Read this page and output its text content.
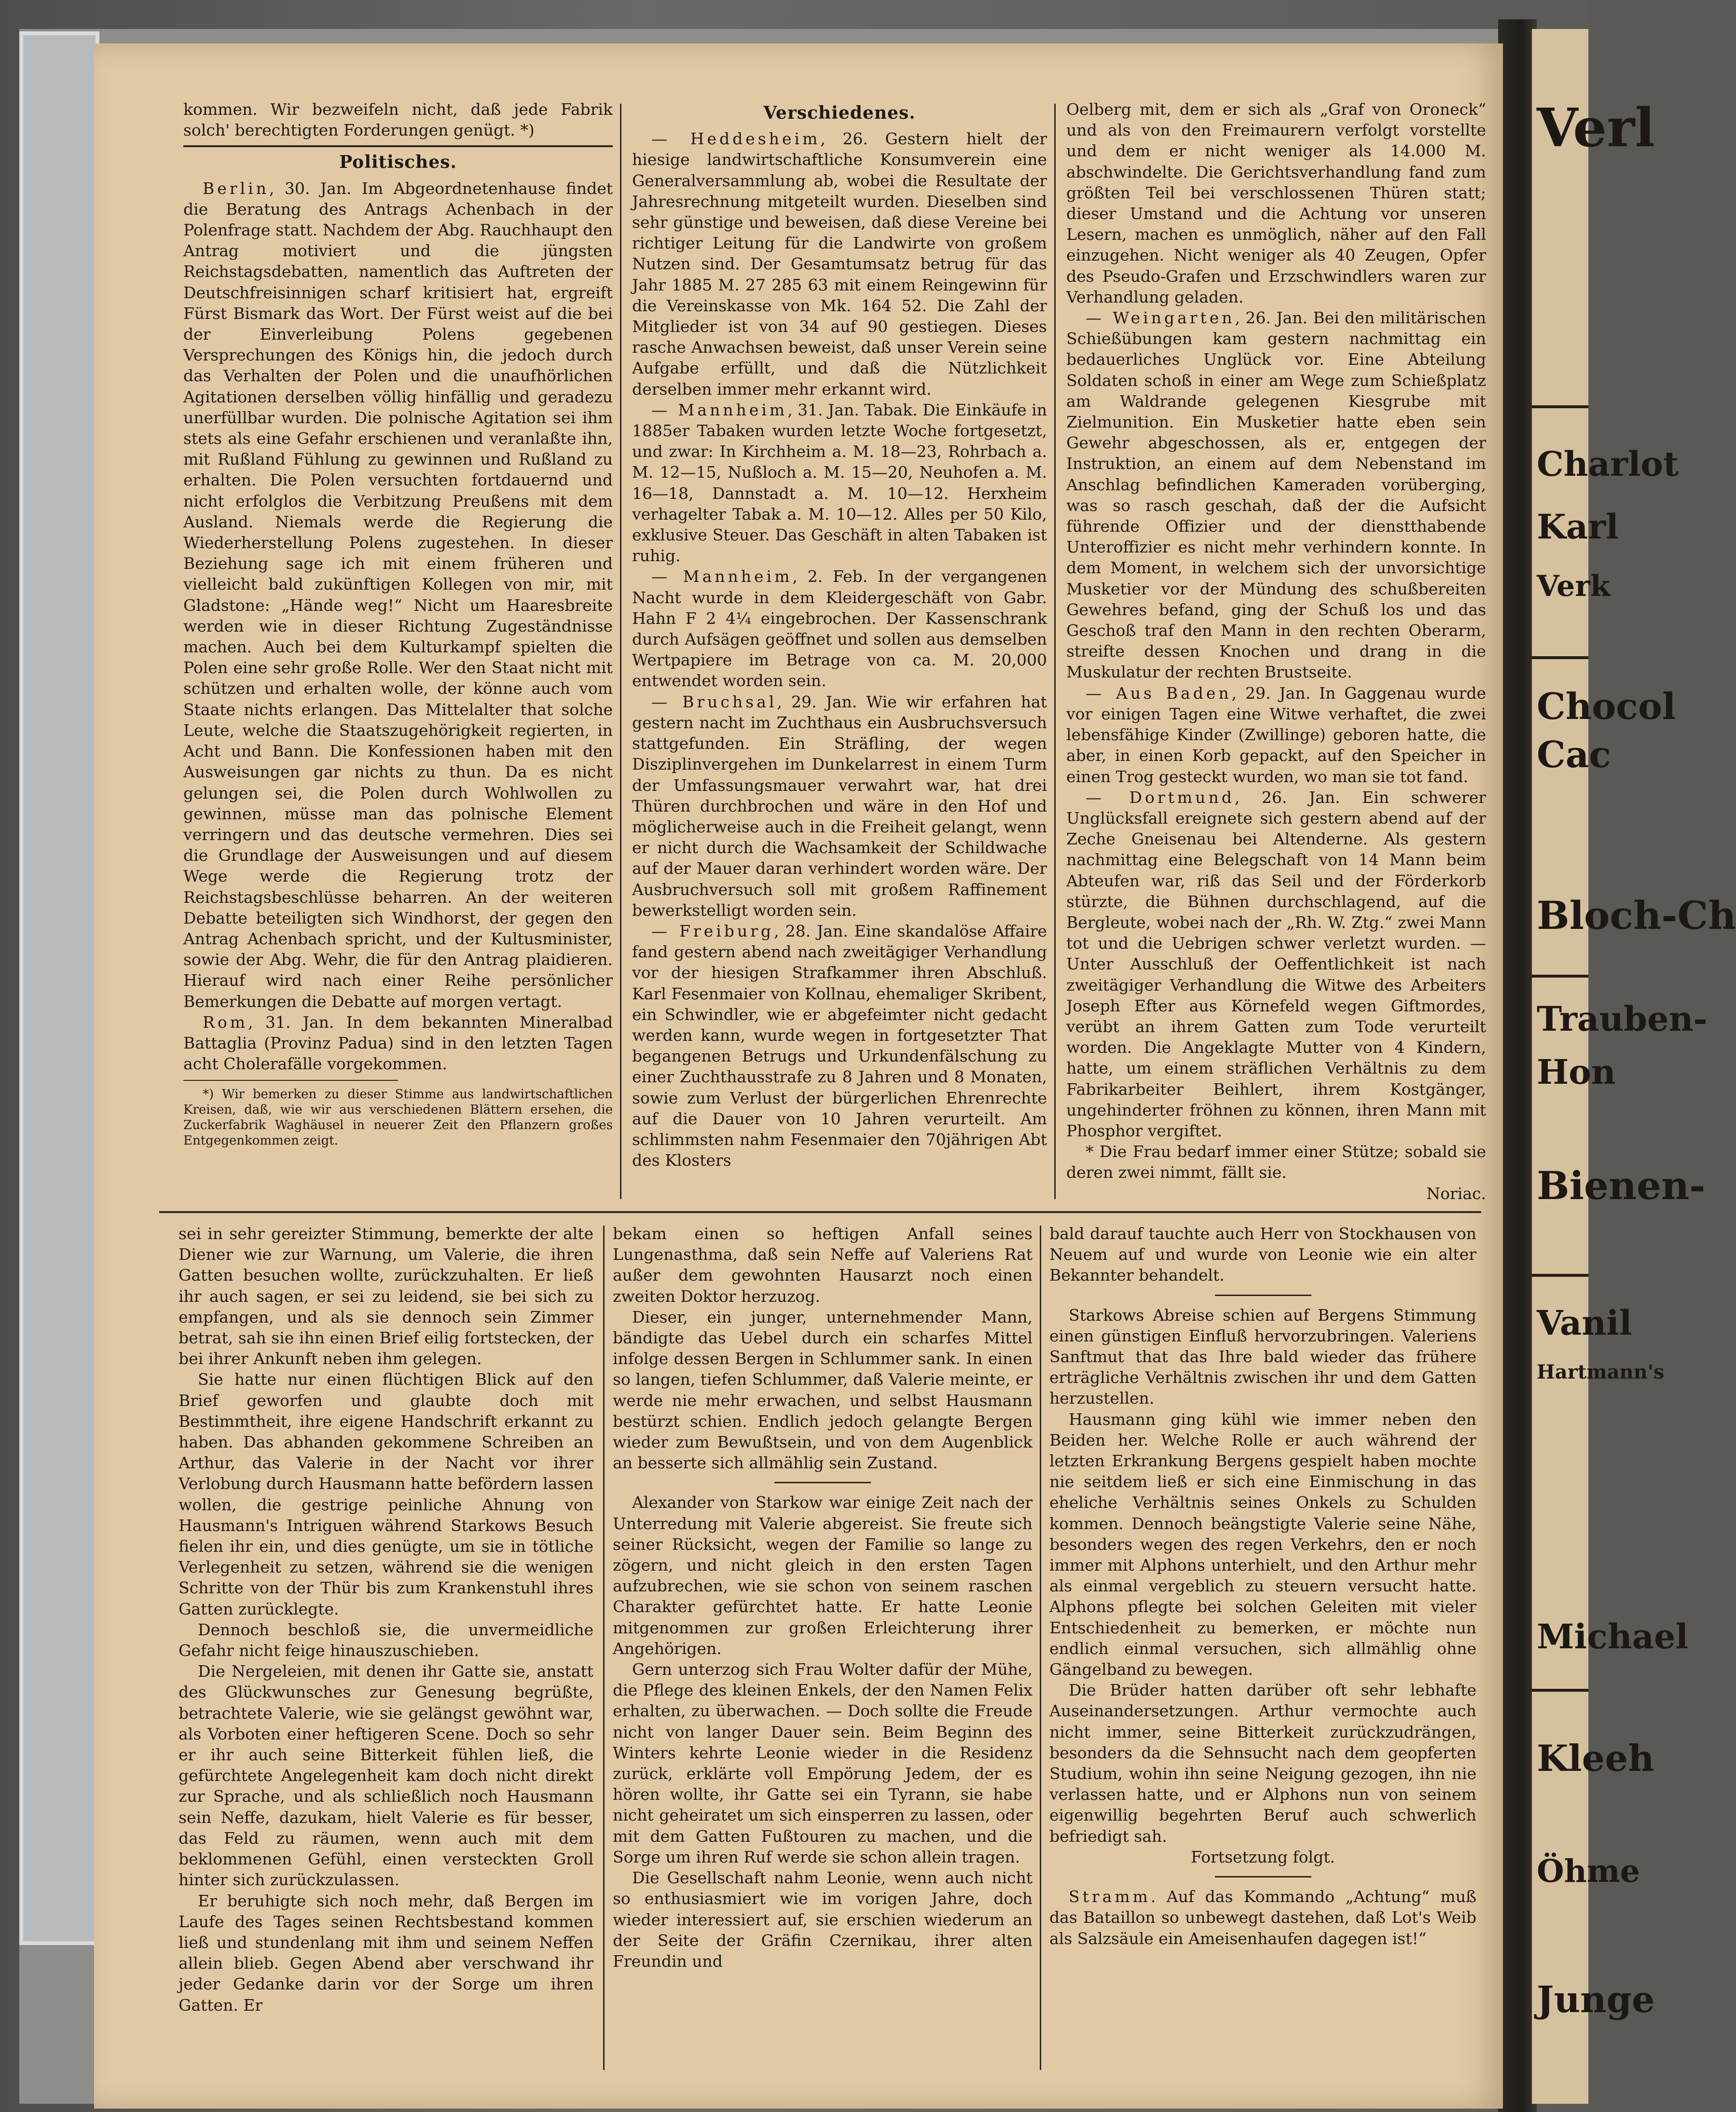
Verl
Charlot
Karl
Verk
Chocol
Cac
Bloch-Ch
Trauben-
Hon
Bienen-
Vanil
Hartmann's
Michael
Kleeh
Öhme
Junge

kommen. Wir bezweifeln nicht, daß jede Fabrik solch' berechtigten Forderungen genügt. *)

Politisches.

Berlin, 30. Jan. Im Abgeordnetenhause findet die Beratung des Antrags Achenbach in der Polenfrage statt. Nachdem der Abg. Rauchhaupt den Antrag motiviert und die jüngsten Reichstagsdebatten, namentlich das Auftreten der Deutschfreisinnigen scharf kritisiert hat, ergreift Fürst Bismark das Wort. Der Fürst weist auf die bei der Einverleibung Polens gegebenen Versprechungen des Königs hin, die jedoch durch das Verhalten der Polen und die unaufhörlichen Agitationen derselben völlig hinfällig und geradezu unerfüllbar wurden. Die polnische Agitation sei ihm stets als eine Gefahr erschienen und veranlaßte ihn, mit Rußland Fühlung zu gewinnen und Rußland zu erhalten. Die Polen versuchten fortdauernd und nicht erfolglos die Verbitzung Preußens mit dem Ausland. Niemals werde die Regierung die Wiederherstellung Polens zugestehen. In dieser Beziehung sage ich mit einem früheren und vielleicht bald zukünftigen Kollegen von mir, mit Gladstone: „Hände weg!“ Nicht um Haaresbreite werden wie in dieser Richtung Zugeständnisse machen. Auch bei dem Kulturkampf spielten die Polen eine sehr große Rolle. Wer den Staat nicht mit schützen und erhalten wolle, der könne auch vom Staate nichts erlangen. Das Mittelalter that solche Leute, welche die Staatszugehörigkeit regierten, in Acht und Bann. Die Konfessionen haben mit den Ausweisungen gar nichts zu thun. Da es nicht gelungen sei, die Polen durch Wohlwollen zu gewinnen, müsse man das polnische Element verringern und das deutsche vermehren. Dies sei die Grundlage der Ausweisungen und auf diesem Wege werde die Regierung trotz der Reichstagsbeschlüsse beharren. An der weiteren Debatte beteiligten sich Windhorst, der gegen den Antrag Achenbach spricht, und der Kultusminister, sowie der Abg. Wehr, die für den Antrag plaidieren. Hierauf wird nach einer Reihe persönlicher Bemerkungen die Debatte auf morgen vertagt.

Rom, 31. Jan. In dem bekannten Mineralbad Battaglia (Provinz Padua) sind in den letzten Tagen acht Cholerafälle vorgekommen.

*) Wir bemerken zu dieser Stimme aus landwirtschaftlichen Kreisen, daß, wie wir aus verschiedenen Blättern ersehen, die Zuckerfabrik Waghäusel in neuerer Zeit den Pflanzern großes Entgegenkommen zeigt.

Verschiedenes.

— Heddesheim, 26. Gestern hielt der hiesige landwirtschaftliche Konsumverein eine Generalversammlung ab, wobei die Resultate der Jahresrechnung mitgeteilt wurden. Dieselben sind sehr günstige und beweisen, daß diese Vereine bei richtiger Leitung für die Landwirte von großem Nutzen sind. Der Gesamtumsatz betrug für das Jahr 1885 M. 27 285 63 mit einem Reingewinn für die Vereinskasse von Mk. 164 52. Die Zahl der Mitglieder ist von 34 auf 90 gestiegen. Dieses rasche Anwachsen beweist, daß unser Verein seine Aufgabe erfüllt, und daß die Nützlichkeit derselben immer mehr erkannt wird.

— Mannheim, 31. Jan. Tabak. Die Einkäufe in 1885er Tabaken wurden letzte Woche fortgesetzt, und zwar: In Kirchheim a. M. 18—23, Rohrbach a. M. 12—15, Nußloch a. M. 15—20, Neuhofen a. M. 16—18, Dannstadt a. M. 10—12. Herxheim verhagelter Tabak a. M. 10—12. Alles per 50 Kilo, exklusive Steuer. Das Geschäft in alten Tabaken ist ruhig.

— Mannheim, 2. Feb. In der vergangenen Nacht wurde in dem Kleidergeschäft von Gabr. Hahn F 2 4¼ eingebrochen. Der Kassenschrank durch Aufsägen geöffnet und sollen aus demselben Wertpapiere im Betrage von ca. M. 20,000 entwendet worden sein.

— Bruchsal, 29. Jan. Wie wir erfahren hat gestern nacht im Zuchthaus ein Ausbruchsversuch stattgefunden. Ein Sträfling, der wegen Disziplinvergehen im Dunkelarrest in einem Turm der Umfassungsmauer verwahrt war, hat drei Thüren durchbrochen und wäre in den Hof und möglicherweise auch in die Freiheit gelangt, wenn er nicht durch die Wachsamkeit der Schildwache auf der Mauer daran verhindert worden wäre. Der Ausbruchversuch soll mit großem Raffinement bewerkstelligt worden sein.

— Freiburg, 28. Jan. Eine skandalöse Affaire fand gestern abend nach zweitägiger Verhandlung vor der hiesigen Strafkammer ihren Abschluß. Karl Fesenmaier von Kollnau, ehemaliger Skribent, ein Schwindler, wie er abgefeimter nicht gedacht werden kann, wurde wegen in fortgesetzter That begangenen Betrugs und Urkundenfälschung zu einer Zuchthausstrafe zu 8 Jahren und 8 Monaten, sowie zum Verlust der bürgerlichen Ehrenrechte auf die Dauer von 10 Jahren verurteilt. Am schlimmsten nahm Fesenmaier den 70jährigen Abt des Klosters

Oelberg mit, dem er sich als „Graf von Oroneck“ und als von den Freimaurern verfolgt vorstellte und dem er nicht weniger als 14.000 M. abschwindelte. Die Gerichtsverhandlung fand zum größten Teil bei verschlossenen Thüren statt; dieser Umstand und die Achtung vor unseren Lesern, machen es unmöglich, näher auf den Fall einzugehen. Nicht weniger als 40 Zeugen, Opfer des Pseudo-Grafen und Erzschwindlers waren zur Verhandlung geladen.

— Weingarten, 26. Jan. Bei den militärischen Schießübungen kam gestern nachmittag ein bedauerliches Unglück vor. Eine Abteilung Soldaten schoß in einer am Wege zum Schießplatz am Waldrande gelegenen Kiesgrube mit Zielmunition. Ein Musketier hatte eben sein Gewehr abgeschossen, als er, entgegen der Instruktion, an einem auf dem Nebenstand im Anschlag befindlichen Kameraden vorüberging, was so rasch geschah, daß der die Aufsicht führende Offizier und der dienstthabende Unteroffizier es nicht mehr verhindern konnte. In dem Moment, in welchem sich der unvorsichtige Musketier vor der Mündung des schußbereiten Gewehres befand, ging der Schuß los und das Geschoß traf den Mann in den rechten Oberarm, streifte dessen Knochen und drang in die Muskulatur der rechten Brustseite.

— Aus Baden, 29. Jan. In Gaggenau wurde vor einigen Tagen eine Witwe verhaftet, die zwei lebensfähige Kinder (Zwillinge) geboren hatte, die aber, in einen Korb gepackt, auf den Speicher in einen Trog gesteckt wurden, wo man sie tot fand.

— Dortmund, 26. Jan. Ein schwerer Unglücksfall ereignete sich gestern abend auf der Zeche Gneisenau bei Altenderne. Als gestern nachmittag eine Belegschaft von 14 Mann beim Abteufen war, riß das Seil und der Förderkorb stürzte, die Bühnen durchschlagend, auf die Bergleute, wobei nach der „Rh. W. Ztg.“ zwei Mann tot und die Uebrigen schwer verletzt wurden. — Unter Ausschluß der Oeffentlichkeit ist nach zweitägiger Verhandlung die Witwe des Arbeiters Joseph Efter aus Körnefeld wegen Giftmordes, verübt an ihrem Gatten zum Tode verurteilt worden. Die Angeklagte Mutter von 4 Kindern, hatte, um einem sträflichen Verhältnis zu dem Fabrikarbeiter Beihlert, ihrem Kostgänger, ungehinderter fröhnen zu können, ihren Mann mit Phosphor vergiftet.

* Die Frau bedarf immer einer Stütze; sobald sie deren zwei nimmt, fällt sie.

Noriac.

sei in sehr gereizter Stimmung, bemerkte der alte Diener wie zur Warnung, um Valerie, die ihren Gatten besuchen wollte, zurückzuhalten. Er ließ ihr auch sagen, er sei zu leidend, sie bei sich zu empfangen, und als sie dennoch sein Zimmer betrat, sah sie ihn einen Brief eilig fortstecken, der bei ihrer Ankunft neben ihm gelegen.

Sie hatte nur einen flüchtigen Blick auf den Brief geworfen und glaubte doch mit Bestimmtheit, ihre eigene Handschrift erkannt zu haben. Das abhanden gekommene Schreiben an Arthur, das Valerie in der Nacht vor ihrer Verlobung durch Hausmann hatte befördern lassen wollen, die gestrige peinliche Ahnung von Hausmann's Intriguen während Starkows Besuch fielen ihr ein, und dies genügte, um sie in tötliche Verlegenheit zu setzen, während sie die wenigen Schritte von der Thür bis zum Krankenstuhl ihres Gatten zurücklegte.

Dennoch beschloß sie, die unvermeidliche Gefahr nicht feige hinauszuschieben.

Die Nergeleien, mit denen ihr Gatte sie, anstatt des Glückwunsches zur Genesung begrüßte, betrachtete Valerie, wie sie gelängst gewöhnt war, als Vorboten einer heftigeren Scene. Doch so sehr er ihr auch seine Bitterkeit fühlen ließ, die gefürchtete Angelegenheit kam doch nicht direkt zur Sprache, und als schließlich noch Hausmann sein Neffe, dazukam, hielt Valerie es für besser, das Feld zu räumen, wenn auch mit dem beklommenen Gefühl, einen versteckten Groll hinter sich zurückzulassen.

Er beruhigte sich noch mehr, daß Bergen im Laufe des Tages seinen Rechtsbestand kommen ließ und stundenlang mit ihm und seinem Neffen allein blieb. Gegen Abend aber verschwand ihr jeder Gedanke darin vor der Sorge um ihren Gatten. Er

bekam einen so heftigen Anfall seines Lungenasthma, daß sein Neffe auf Valeriens Rat außer dem gewohnten Hausarzt noch einen zweiten Doktor herzuzog.

Dieser, ein junger, unternehmender Mann, bändigte das Uebel durch ein scharfes Mittel infolge dessen Bergen in Schlummer sank. In einen so langen, tiefen Schlummer, daß Valerie meinte, er werde nie mehr erwachen, und selbst Hausmann bestürzt schien. Endlich jedoch gelangte Bergen wieder zum Bewußtsein, und von dem Augenblick an besserte sich allmählig sein Zustand.

Alexander von Starkow war einige Zeit nach der Unterredung mit Valerie abgereist. Sie freute sich seiner Rücksicht, wegen der Familie so lange zu zögern, und nicht gleich in den ersten Tagen aufzubrechen, wie sie schon von seinem raschen Charakter gefürchtet hatte. Er hatte Leonie mitgenommen zur großen Erleichterung ihrer Angehörigen.

Gern unterzog sich Frau Wolter dafür der Mühe, die Pflege des kleinen Enkels, der den Namen Felix erhalten, zu überwachen. — Doch sollte die Freude nicht von langer Dauer sein. Beim Beginn des Winters kehrte Leonie wieder in die Residenz zurück, erklärte voll Empörung Jedem, der es hören wollte, ihr Gatte sei ein Tyrann, sie habe nicht geheiratet um sich einsperren zu lassen, oder mit dem Gatten Fußtouren zu machen, und die Sorge um ihren Ruf werde sie schon allein tragen.

Die Gesellschaft nahm Leonie, wenn auch nicht so enthusiasmiert wie im vorigen Jahre, doch wieder interessiert auf, sie erschien wiederum an der Seite der Gräfin Czernikau, ihrer alten Freundin und

bald darauf tauchte auch Herr von Stockhausen von Neuem auf und wurde von Leonie wie ein alter Bekannter behandelt.

Starkows Abreise schien auf Bergens Stimmung einen günstigen Einfluß hervorzubringen. Valeriens Sanftmut that das Ihre bald wieder das frühere erträgliche Verhältnis zwischen ihr und dem Gatten herzustellen.

Hausmann ging kühl wie immer neben den Beiden her. Welche Rolle er auch während der letzten Erkrankung Bergens gespielt haben mochte nie seitdem ließ er sich eine Einmischung in das eheliche Verhältnis seines Onkels zu Schulden kommen. Dennoch beängstigte Valerie seine Nähe, besonders wegen des regen Verkehrs, den er noch immer mit Alphons unterhielt, und den Arthur mehr als einmal vergeblich zu steuern versucht hatte. Alphons pflegte bei solchen Geleiten mit vieler Entschiedenheit zu bemerken, er möchte nun endlich einmal versuchen, sich allmählig ohne Gängelband zu bewegen.

Die Brüder hatten darüber oft sehr lebhafte Auseinandersetzungen. Arthur vermochte auch nicht immer, seine Bitterkeit zurückzudrängen, besonders da die Sehnsucht nach dem geopferten Studium, wohin ihn seine Neigung gezogen, ihn nie verlassen hatte, und er Alphons nun von seinem eigenwillig begehrten Beruf auch schwerlich befriedigt sah.

Fortsetzung folgt.

Stramm. Auf das Kommando „Achtung“ muß das Bataillon so unbewegt dastehen, daß Lot's Weib als Salzsäule ein Ameisenhaufen dagegen ist!“
